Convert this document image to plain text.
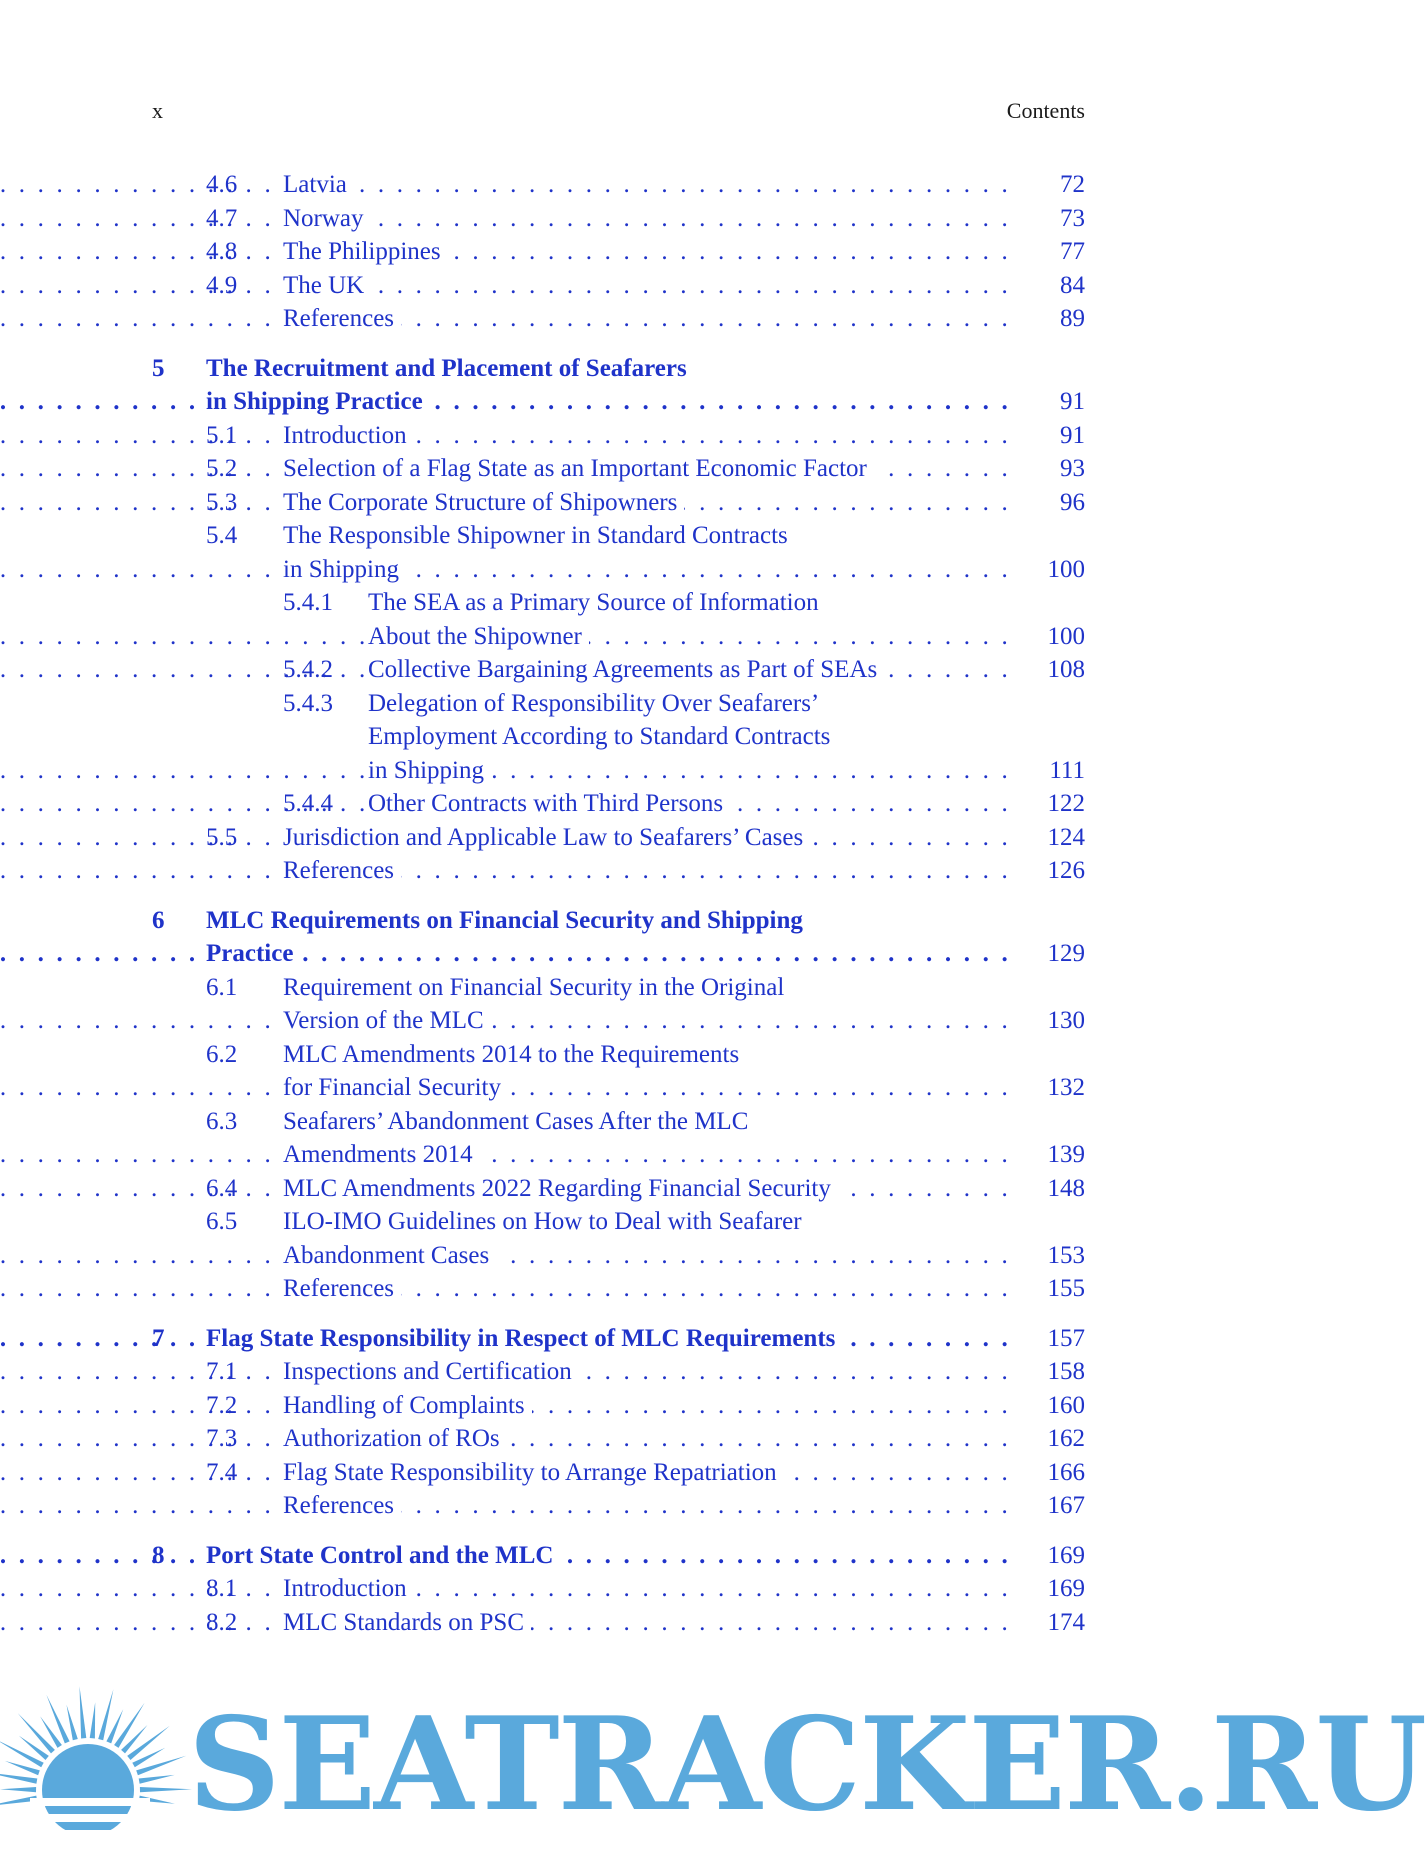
x	Contents
4.6 Latvia . . .	72
4.7 Norway . . .	73
4.8 The Philippines . . .	77
4.9 The UK . . .	84
References . . .	89
5 The Recruitment and Placement of Seafarers
in Shipping Practice . . .	91
5.1 Introduction . . .	91
5.2 Selection of a Flag State as an Important Economic Factor . . .	93
5.3 The Corporate Structure of Shipowners . . .	96
5.4 The Responsible Shipowner in Standard Contracts
in Shipping . . .	100
5.4.1 The SEA as a Primary Source of Information
About the Shipowner . . .	100
5.4.2 Collective Bargaining Agreements as Part of SEAs . . .	108
5.4.3 Delegation of Responsibility Over Seafarers’
Employment According to Standard Contracts
in Shipping . . .	111
5.4.4 Other Contracts with Third Persons . . .	122
5.5 Jurisdiction and Applicable Law to Seafarers’ Cases . . .	124
References . . .	126
6 MLC Requirements on Financial Security and Shipping
Practice . . .	129
6.1 Requirement on Financial Security in the Original
Version of the MLC . . .	130
6.2 MLC Amendments 2014 to the Requirements
for Financial Security . . .	132
6.3 Seafarers’ Abandonment Cases After the MLC
Amendments 2014 . . .	139
6.4 MLC Amendments 2022 Regarding Financial Security . . .	148
6.5 ILO-IMO Guidelines on How to Deal with Seafarer
Abandonment Cases . . .	153
References . . .	155
7 Flag State Responsibility in Respect of MLC Requirements . . .	157
7.1 Inspections and Certification . . .	158
7.2 Handling of Complaints . . .	160
7.3 Authorization of ROs . . .	162
7.4 Flag State Responsibility to Arrange Repatriation . . .	166
References . . .	167
8 Port State Control and the MLC . . .	169
8.1 Introduction . . .	169
8.2 MLC Standards on PSC . . .	174
SEATRACKER.RU
